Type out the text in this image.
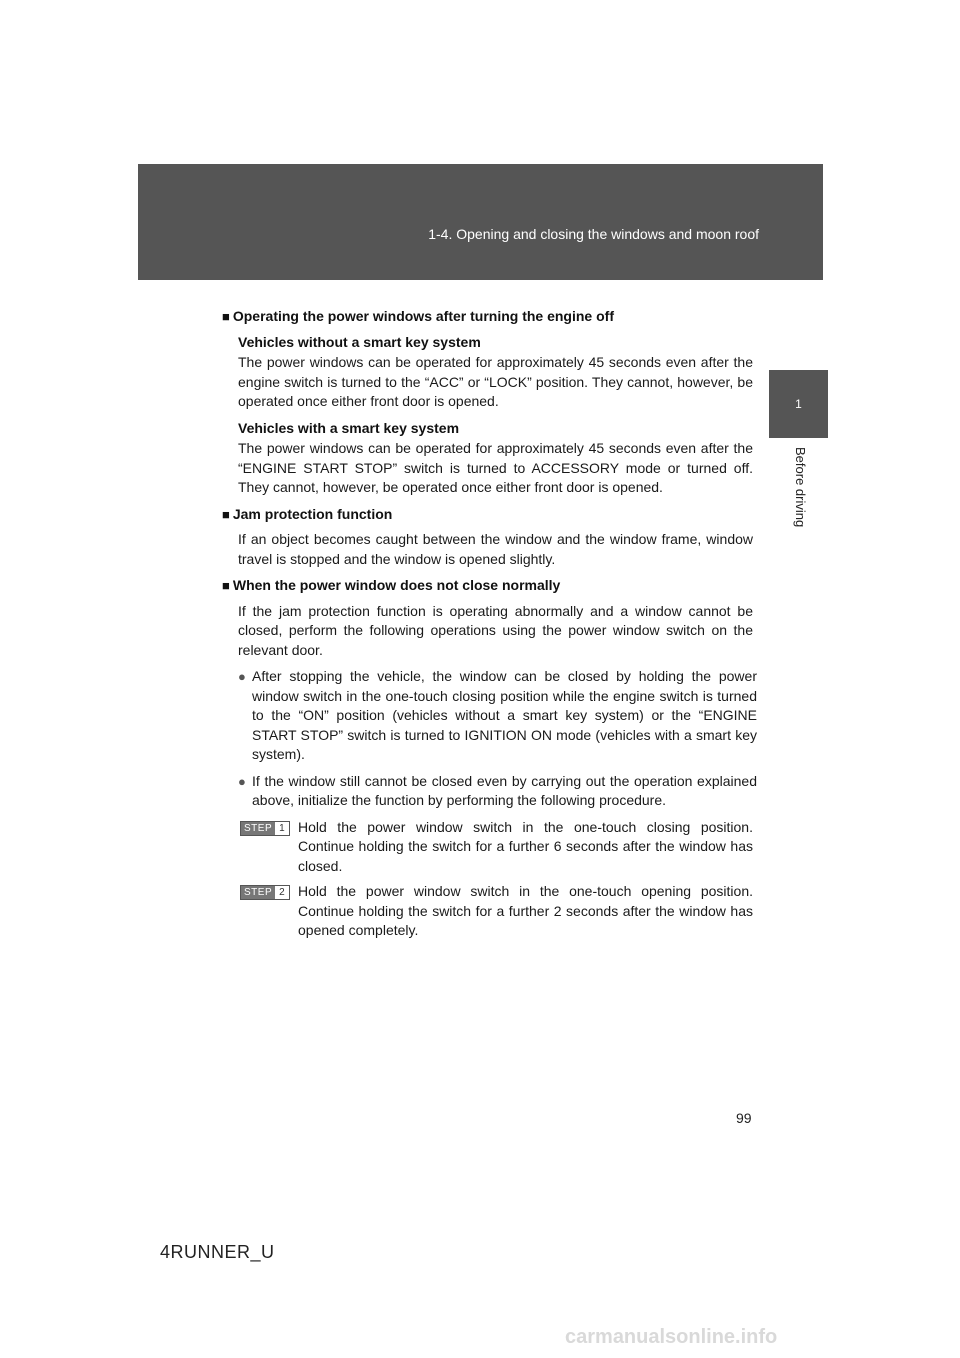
1-4. Opening and closing the windows and moon roof
1
Before driving
■ Operating the power windows after turning the engine off
Vehicles without a smart key system
The power windows can be operated for approximately 45 seconds even after the engine switch is turned to the “ACC” or “LOCK” position. They cannot, however, be operated once either front door is opened.
Vehicles with a smart key system
The power windows can be operated for approximately 45 seconds even after the “ENGINE START STOP” switch is turned to ACCESSORY mode or turned off. They cannot, however, be operated once either front door is opened.
■ Jam protection function
If an object becomes caught between the window and the window frame, window travel is stopped and the window is opened slightly.
■ When the power window does not close normally
If the jam protection function is operating abnormally and a window cannot be closed, perform the following operations using the power window switch on the relevant door.
● After stopping the vehicle, the window can be closed by holding the power window switch in the one-touch closing position while the engine switch is turned to the “ON” position (vehicles without a smart key system) or the “ENGINE START STOP” switch is turned to IGNITION ON mode (vehicles with a smart key system).
● If the window still cannot be closed even by carrying out the operation explained above, initialize the function by performing the following procedure.
STEP 1 Hold the power window switch in the one-touch closing position. Continue holding the switch for a further 6 seconds after the window has closed.
STEP 2 Hold the power window switch in the one-touch opening position. Continue holding the switch for a further 2 seconds after the window has opened completely.
99
4RUNNER_U
carmanualsonline.info
